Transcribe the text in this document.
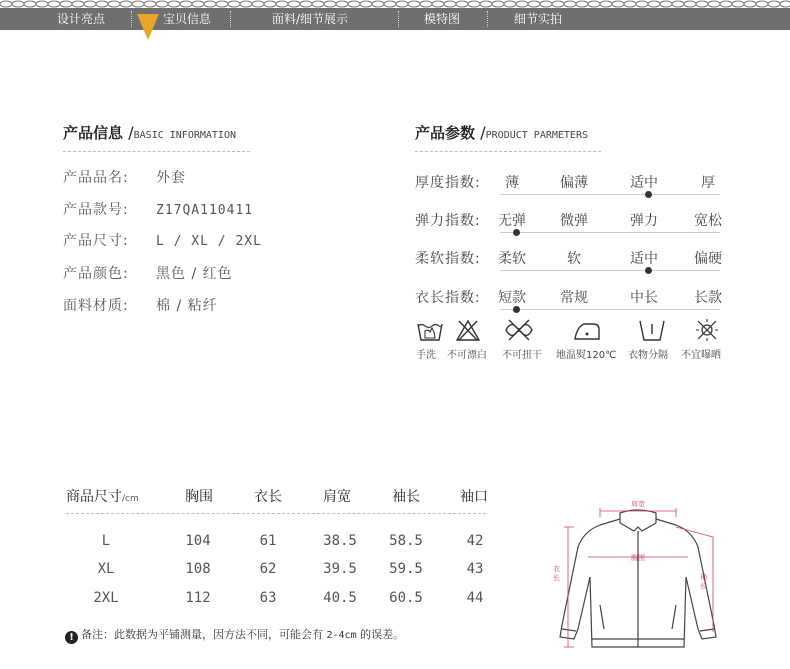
设计亮点	宝贝信息	面料/细节展示	模特图	细节实拍
产品信息 /BASIC INFORMATION
产品品名: 外套
产品款号: Z17QA110411
产品尺寸: L / XL / 2XL
产品颜色: 黑色 / 红色
面料材质: 棉 / 粘纤
产品参数 /PRODUCT PARMETERS
厚度指数:	薄	偏薄	适中	厚
弹力指数:	无弹	微弹	弹力	宽松
柔软指数:	柔软	软	适中	偏硬
衣长指数:	短款	常规	中长	长款
手洗 不可漂白 不可扭干 地温熨120℃ 衣物分隔 不宜曝晒
商品尺寸/cm	胸围	衣长	肩宽	袖长	袖口
L	104	61	38.5	58.5	42
XL	108	62	39.5	59.5	43
2XL	112	63	40.5	60.5	44
! 备注：此数据为平铺测量，因方法不同，可能会有 2-4cm 的误差。
肩宽
胸围
衣长	袖长
